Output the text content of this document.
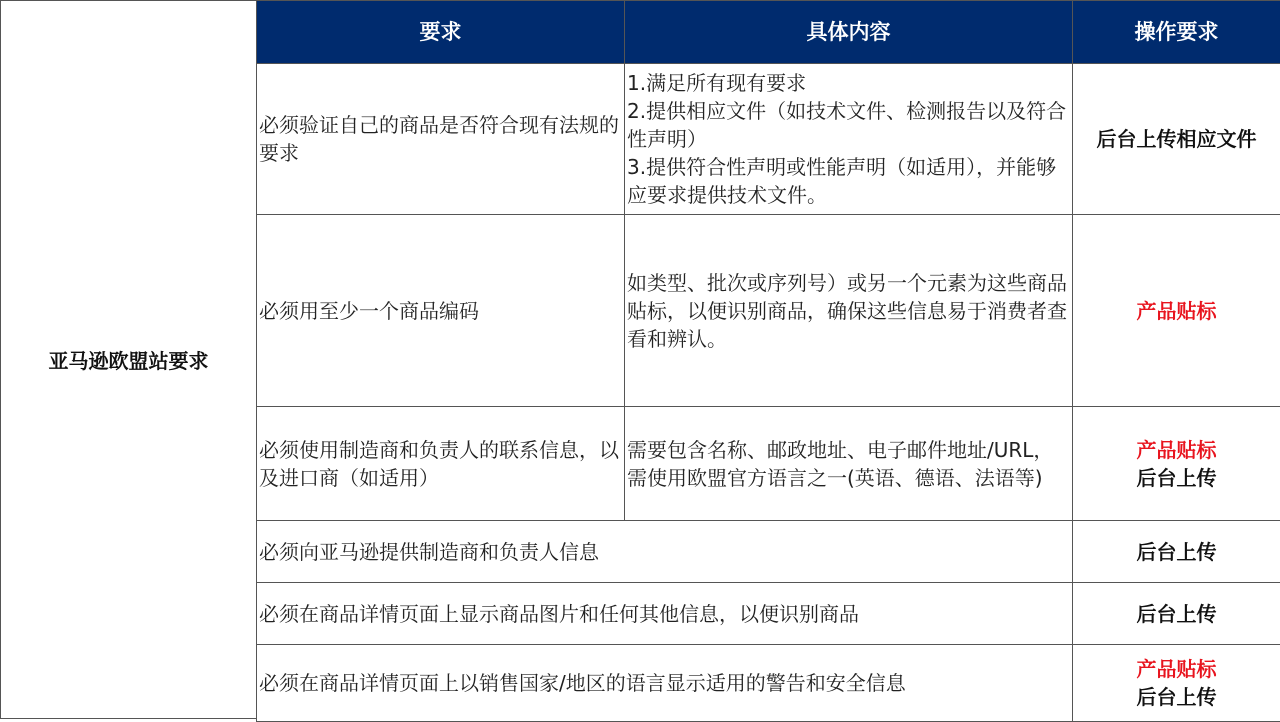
亚马逊欧盟站要求
要求	具体内容	操作要求
必须验证自己的商品是否符合现有法规的要求	1.满足所有现有要求
2.提供相应文件（如技术文件、检测报告以及符合性声明）
3.提供符合性声明或性能声明（如适用），并能够应要求提供技术文件。	后台上传相应文件

必须用至少一个商品编码	如类型、批次或序列号）或另一个元素为这些商品贴标，以便识别商品，确保这些信息易于消费者查看和辨认。	产品贴标

必须使用制造商和负责人的联系信息，以及进口商（如适用）	需要包含名称、邮政地址、电子邮件地址/URL，需使用欧盟官方语言之一(英语、德语、法语等)	产品贴标
后台上传

必须向亚马逊提供制造商和负责人信息		后台上传

必须在商品详情页面上显示商品图片和任何其他信息，以便识别商品		后台上传

必须在商品详情页面上以销售国家/地区的语言显示适用的警告和安全信息		产品贴标
后台上传
